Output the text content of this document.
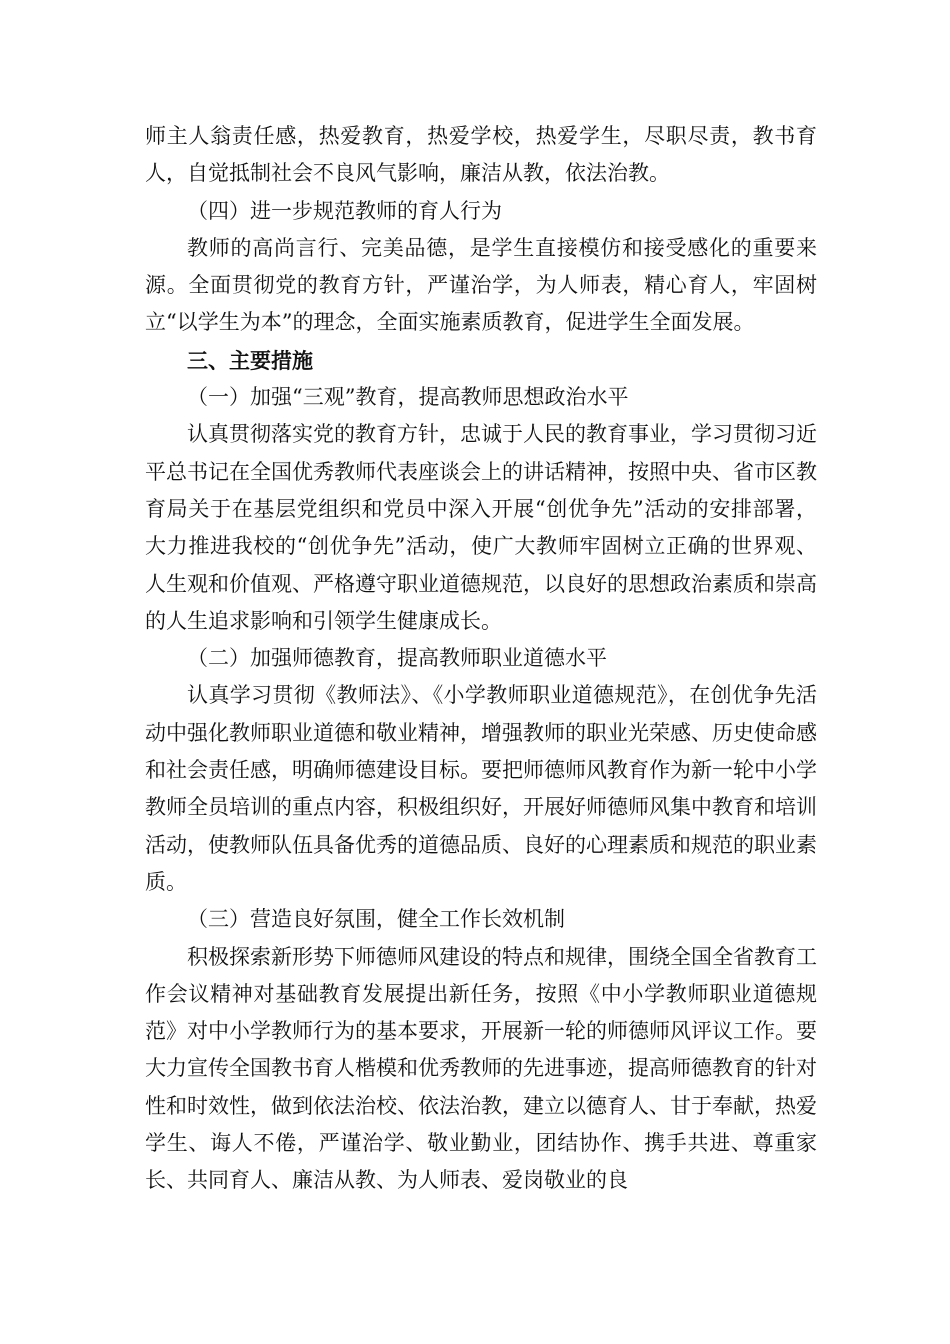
师主人翁责任感，热爱教育，热爱学校，热爱学生，尽职尽责，教书育人，自觉抵制社会不良风气影响，廉洁从教，依法治教。

（四）进一步规范教师的育人行为

教师的高尚言行、完美品德，是学生直接模仿和接受感化的重要来源。全面贯彻党的教育方针，严谨治学，为人师表，精心育人，牢固树立“以学生为本”的理念，全面实施素质教育，促进学生全面发展。

三、主要措施

（一）加强“三观”教育，提高教师思想政治水平

认真贯彻落实党的教育方针，忠诚于人民的教育事业，学习贯彻习近平总书记在全国优秀教师代表座谈会上的讲话精神，按照中央、省市区教育局关于在基层党组织和党员中深入开展“创优争先”活动的安排部署，大力推进我校的“创优争先”活动，使广大教师牢固树立正确的世界观、人生观和价值观、严格遵守职业道德规范，以良好的思想政治素质和崇高的人生追求影响和引领学生健康成长。

（二）加强师德教育，提高教师职业道德水平

认真学习贯彻《教师法》、《小学教师职业道德规范》，在创优争先活动中强化教师职业道德和敬业精神，增强教师的职业光荣感、历史使命感和社会责任感，明确师德建设目标。要把师德师风教育作为新一轮中小学教师全员培训的重点内容，积极组织好，开展好师德师风集中教育和培训活动，使教师队伍具备优秀的道德品质、良好的心理素质和规范的职业素质。

（三）营造良好氛围，健全工作长效机制

积极探索新形势下师德师风建设的特点和规律，围绕全国全省教育工作会议精神对基础教育发展提出新任务，按照《中小学教师职业道德规范》对中小学教师行为的基本要求，开展新一轮的师德师风评议工作。要大力宣传全国教书育人楷模和优秀教师的先进事迹，提高师德教育的针对性和时效性，做到依法治校、依法治教，建立以德育人、甘于奉献，热爱学生、诲人不倦，严谨治学、敬业勤业，团结协作、携手共进、尊重家长、共同育人、廉洁从教、为人师表、爱岗敬业的良
